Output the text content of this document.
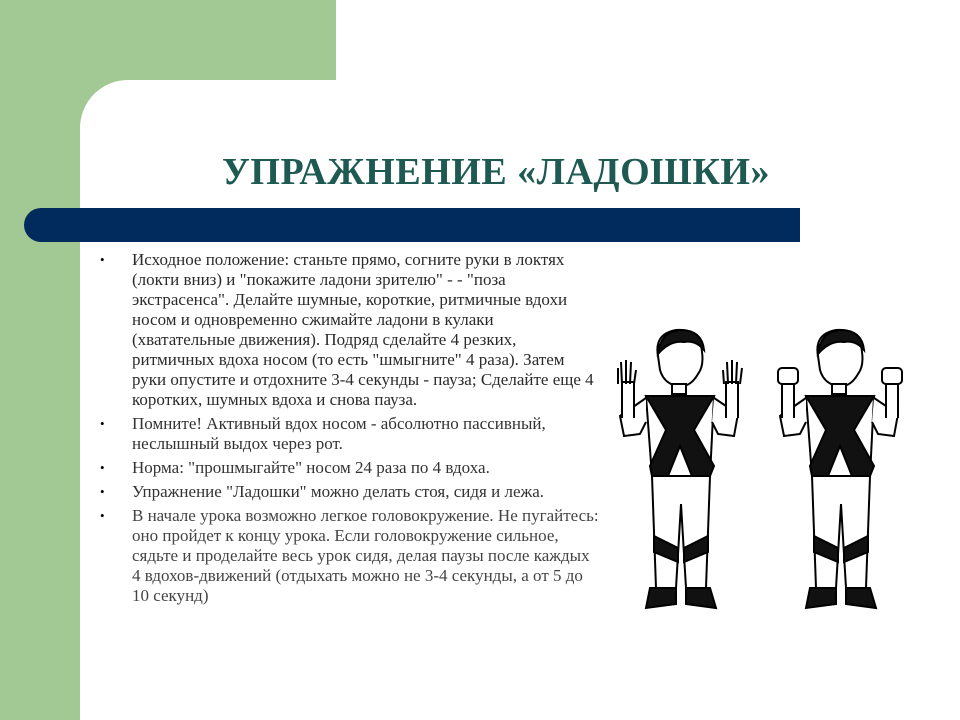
УПРАЖНЕНИЕ «ЛАДОШКИ»
• Исходное положение: станьте прямо, согните руки в локтях (локти вниз) и "покажите ладони зрителю" - - "поза экстрасенса". Делайте шумные, короткие, ритмичные вдохи носом и одновременно сжимайте ладони в кулаки (хватательные движения). Подряд сделайте 4 резких, ритмичных вдоха носом (то есть "шмыгните" 4 раза). Затем руки опустите и отдохните 3-4 секунды - пауза; Сделайте еще 4 коротких, шумных вдоха и снова пауза.
• Помните! Активный вдох носом - абсолютно пассивный, неслышный выдох через рот.
• Норма: "прошмыгайте" носом 24 раза по 4 вдоха.
• Упражнение "Ладошки" можно делать стоя, сидя и лежа.
• В начале урока возможно легкое головокружение. Не пугайтесь: оно пройдет к концу урока. Если головокружение сильное, сядьте и проделайте весь урок сидя, делая паузы после каждых 4 вдохов-движений (отдыхать можно не 3-4 секунды, а от 5 до 10 секунд)
